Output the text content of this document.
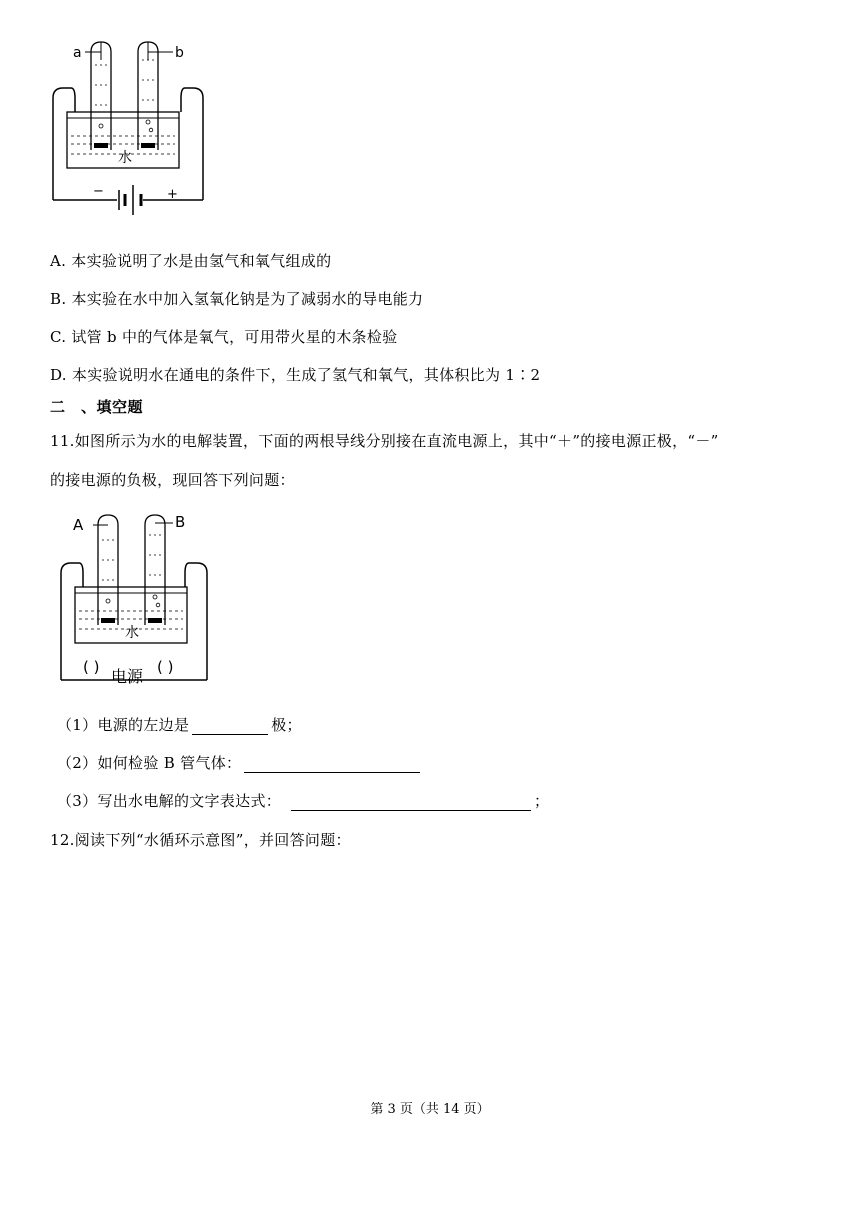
a	b
水
−	+
A. 本实验说明了水是由氢气和氧气组成的
B. 本实验在水中加入氢氧化钠是为了减弱水的导电能力
C. 试管 b 中的气体是氧气，可用带火星的木条检验
D. 本实验说明水在通电的条件下，生成了氢气和氧气，其体积比为 1∶2
二　、填空题
11.如图所示为水的电解装置，下面的两根导线分别接在直流电源上，其中“＋”的接电源正极，“－”
的接电源的负极，现回答下列问题：
A	B
水
( ) 电源 ( )
（1）电源的左边是	极；
（2）如何检验 B 管气体：
（3）写出水电解的文字表达式：	；
12.阅读下列“水循环示意图”，并回答问题：
第 3 页（共 14 页）
